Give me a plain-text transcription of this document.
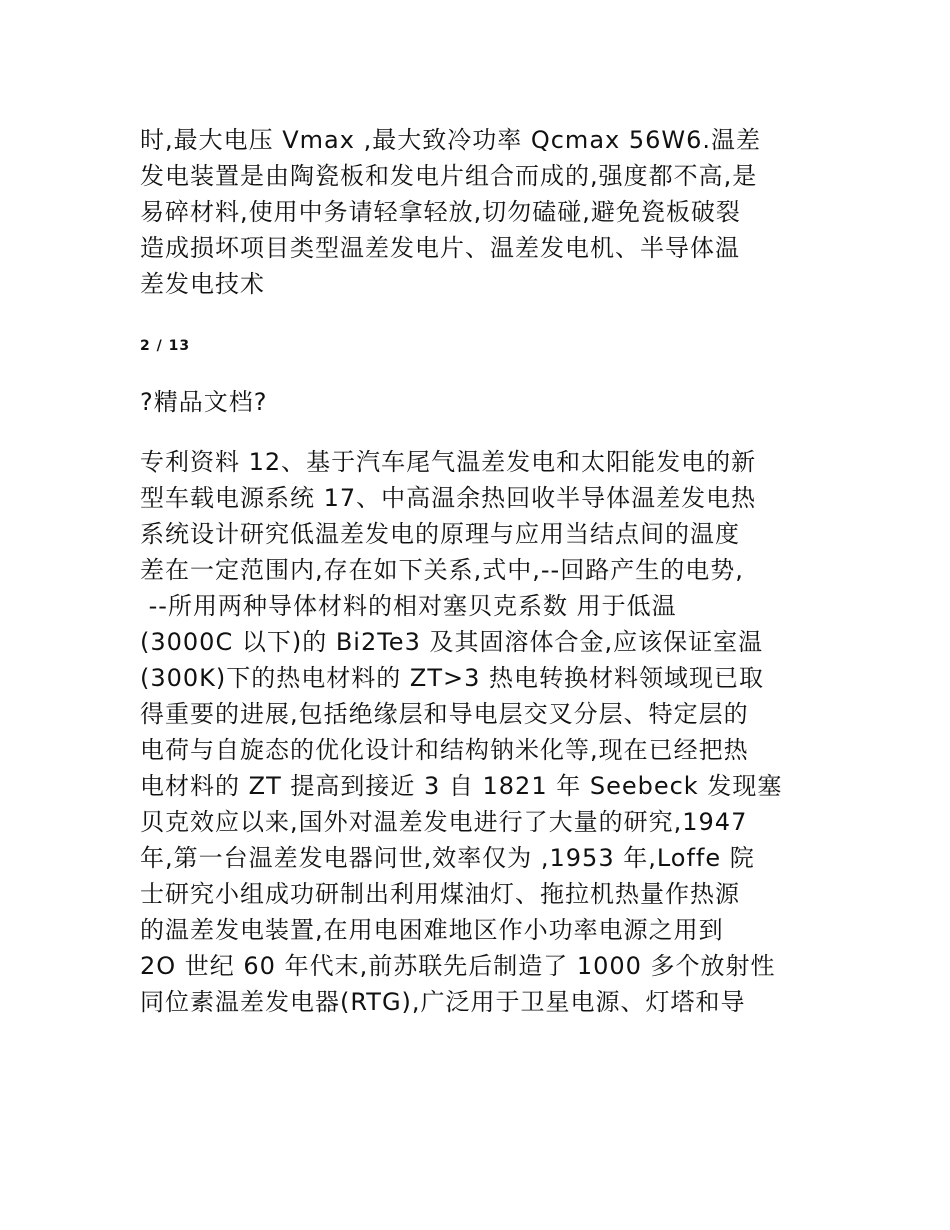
时,最大电压 Vmax ,最大致冷功率 Qcmax 56W6.温差
发电装置是由陶瓷板和发电片组合而成的,强度都不高,是
易碎材料,使用中务请轻拿轻放,切勿磕碰,避免瓷板破裂
造成损坏项目类型温差发电片、温差发电机、半导体温
差发电技术
2 / 13
?精品文档?
专利资料 12、基于汽车尾气温差发电和太阳能发电的新
型车载电源系统 17、中高温余热回收半导体温差发电热
系统设计研究低温差发电的原理与应用当结点间的温度
差在一定范围内,存在如下关系,式中,--回路产生的电势,
--所用两种导体材料的相对塞贝克系数 用于低温
(3000C 以下)的 Bi2Te3 及其固溶体合金,应该保证室温
(300K)下的热电材料的 ZT>3 热电转换材料领域现已取
得重要的进展,包括绝缘层和导电层交叉分层、特定层的
电荷与自旋态的优化设计和结构钠米化等,现在已经把热
电材料的 ZT 提高到接近 3 自 1821 年 Seebeck 发现塞
贝克效应以来,国外对温差发电进行了大量的研究,1947
年,第一台温差发电器问世,效率仅为 ,1953 年,Loffe 院
士研究小组成功研制出利用煤油灯、拖拉机热量作热源
的温差发电装置,在用电困难地区作小功率电源之用到
2O 世纪 60 年代末,前苏联先后制造了 1000 多个放射性
同位素温差发电器(RTG),广泛用于卫星电源、灯塔和导
